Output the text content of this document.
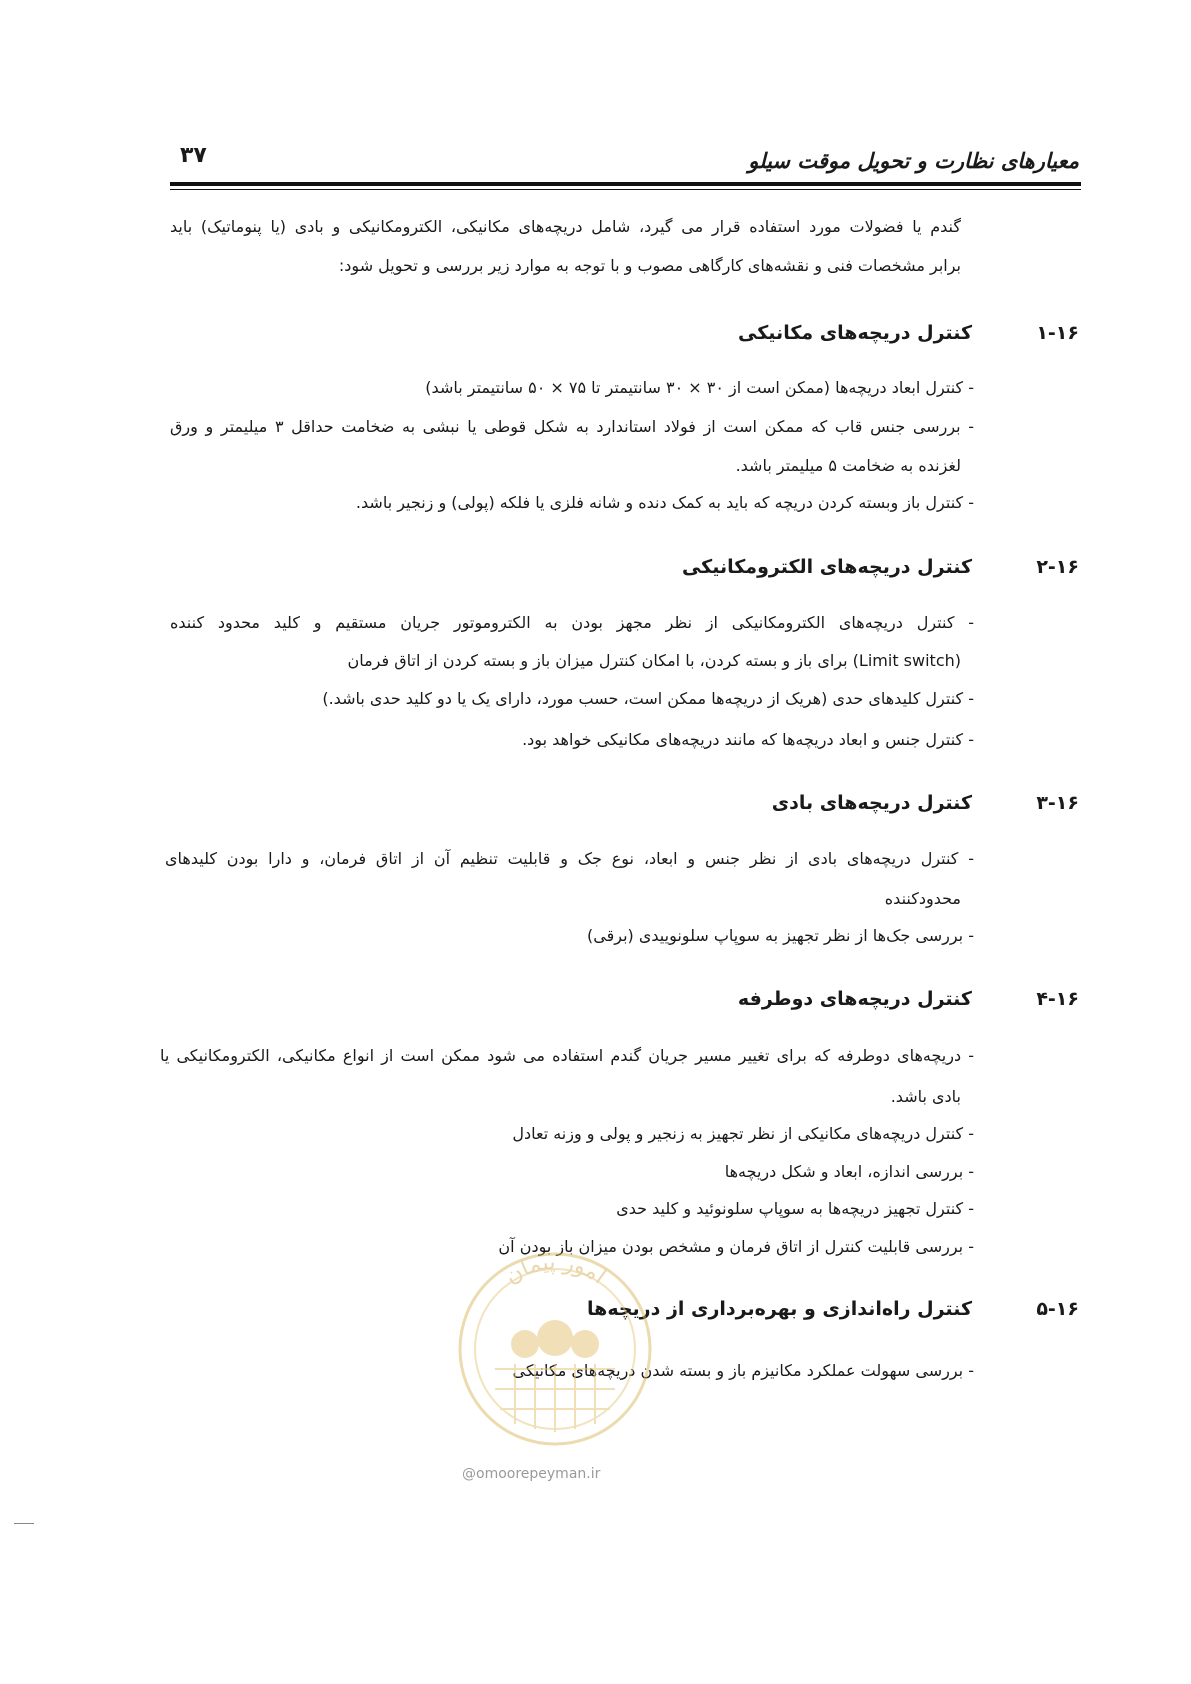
معیارهای نظارت و تحویل موقت سیلو
۳۷
گندم یا فضولات مورد استفاده قرار می گیرد، شامل دریچه‌های مکانیکی، الکترومکانیکی و بادی (یا پنوماتیک) باید
برابر مشخصات فنی و نقشه‌های کارگاهی مصوب و با توجه به موارد زیر بررسی و تحویل شود:
۱-۱۶
کنترل دریچه‌های مکانیکی
- کنترل ابعاد دریچه‌ها (ممکن است از ۳۰ × ۳۰ سانتیمتر تا ۷۵ × ۵۰ سانتیمتر باشد)
- بررسی جنس قاب که ممکن است از فولاد استاندارد به شکل قوطی یا نبشی به ضخامت حداقل ۳ میلیمتر و ورق
لغزنده به ضخامت ۵ میلیمتر باشد.
- کنترل باز وبسته کردن دریچه که باید به کمک دنده و شانه فلزی یا فلکه (پولی) و زنجیر باشد.
۲-۱۶
کنترل دریچه‌های الکترومکانیکی
- کنترل دریچه‌های الکترومکانیکی از نظر مجهز بودن به الکتروموتور جریان مستقیم و کلید محدود کننده
(Limit switch) برای باز و بسته کردن، با امکان کنترل میزان باز و بسته کردن از اتاق فرمان
- کنترل کلیدهای حدی (هریک از دریچه‌ها ممکن است، حسب مورد، دارای یک یا دو کلید حدی باشد.)
- کنترل جنس و ابعاد دریچه‌ها که مانند دریچه‌های مکانیکی خواهد بود.
۳-۱۶
کنترل دریچه‌های بادی
- کنترل دریچه‌های بادی از نظر جنس و ابعاد، نوع جک و قابلیت تنظیم آن از اتاق فرمان، و دارا بودن کلیدهای
محدودکننده
- بررسی جک‌ها از نظر تجهیز به سوپاپ سلونوییدی (برقی)
۴-۱۶
کنترل دریچه‌های دوطرفه
- دریچه‌های دوطرفه که برای تغییر مسیر جریان گندم استفاده می شود ممکن است از انواع مکانیکی، الکترومکانیکی یا
بادی باشد.
- کنترل دریچه‌های مکانیکی از نظر تجهیز به زنجیر و پولی و وزنه تعادل
- بررسی اندازه، ابعاد و شکل دریچه‌ها
- کنترل تجهیز دریچه‌ها به سوپاپ سلونوئید و کلید حدی
- بررسی قابلیت کنترل از اتاق فرمان و مشخص بودن میزان باز بودن آن
۵-۱۶
کنترل راه‌اندازی و بهره‌برداری از دریچه‌ها
- بررسی سهولت عملکرد مکانیزم باز و بسته شدن دریچه‌های مکانیکی
امور پیمان
@omoorepeyman.ir
